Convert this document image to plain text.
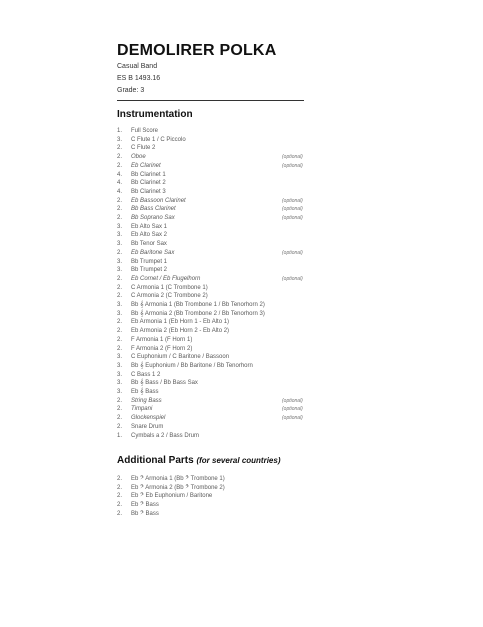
DEMOLIRER POLKA
Casual Band
ES B 1493.16
Grade: 3
Instrumentation
1.	Full Score
3.	C Flute 1 / C Piccolo
2.	C Flute 2
2.	Oboe	(optional)
2.	Eb Clarinet	(optional)
4.	Bb Clarinet 1
4.	Bb Clarinet 2
4.	Bb Clarinet 3
2.	Eb Bassoon Clarinet	(optional)
2.	Bb Bass Clarinet	(optional)
2.	Bb Soprano Sax	(optional)
3.	Eb Alto Sax 1
3.	Eb Alto Sax 2
3.	Bb Tenor Sax
2.	Eb Baritone Sax	(optional)
3.	Bb Trumpet 1
3.	Bb Trumpet 2
2.	Eb Cornet / Eb Flugelhorn	(optional)
2.	C Armonia 1 (C Trombone 1)
2.	C Armonia 2 (C Trombone 2)
3.	Bb 𝄞 Armonia 1 (Bb Trombone 1 / Bb Tenorhorn 2)
3.	Bb 𝄞 Armonia 2 (Bb Trombone 2 / Bb Tenorhorn 3)
2.	Eb Armonia 1 (Eb Horn 1 - Eb Alto 1)
2.	Eb Armonia 2 (Eb Horn 2 - Eb Alto 2)
2.	F Armonia 1 (F Horn 1)
2.	F Armonia 2 (F Horn 2)
3.	C Euphonium / C Baritone / Bassoon
3.	Bb 𝄞 Euphonium / Bb Baritone / Bb Tenorhorn
3.	C Bass 1 2
3.	Bb 𝄞 Bass / Bb Bass Sax
3.	Eb 𝄞 Bass
2.	String Bass	(optional)
2.	Timpani	(optional)
2.	Glockenspiel	(optional)
2.	Snare Drum
1.	Cymbals a 2 / Bass Drum
Additional Parts (for several countries)
2.	Eb 𝄢 Armonia 1 (Bb 𝄢 Trombone 1)
2.	Eb 𝄢 Armonia 2 (Bb 𝄢 Trombone 2)
2.	Eb 𝄢 Eb Euphonium / Baritone
2.	Eb 𝄢 Bass
2.	Bb 𝄢 Bass
